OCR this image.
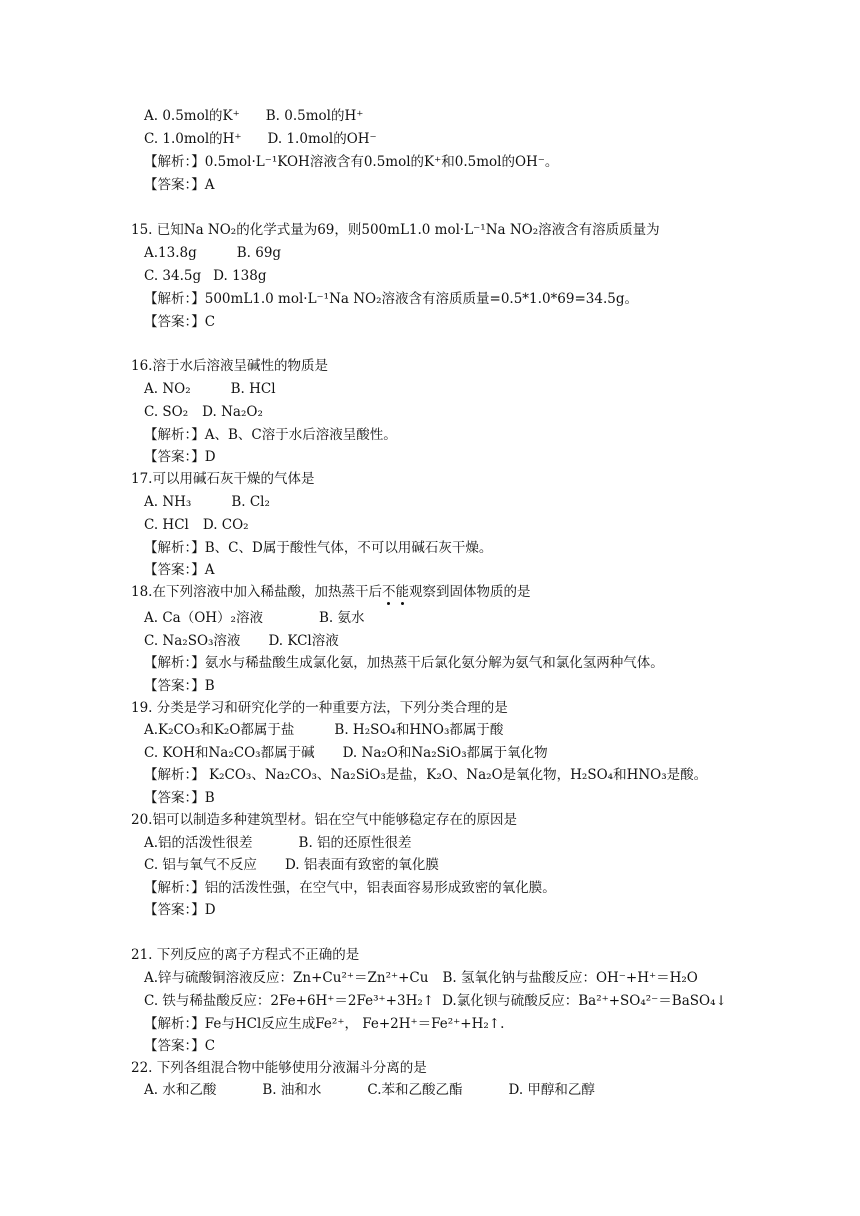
A. 0.5mol的K⁺ B. 0.5mol的H⁺
C. 1.0mol的H⁺ D. 1.0mol的OH⁻
【解析：】0.5mol·L⁻¹KOH溶液含有0.5mol的K⁺和0.5mol的OH⁻。
【答案：】A
15. 已知Na NO₂的化学式量为69，则500mL1.0 mol·L⁻¹Na NO₂溶液含有溶质质量为
A.13.8g	B. 69g
C. 34.5g D. 138g
【解析：】500mL1.0 mol·L⁻¹Na NO₂溶液含有溶质质量=0.5*1.0*69=34.5g。
【答案：】C
16.溶于水后溶液呈碱性的物质是
A. NO₂	B. HCl
C. SO₂ D. Na₂O₂
【解析：】A、B、C溶于水后溶液呈酸性。
【答案：】D
17.可以用碱石灰干燥的气体是
A. NH₃	B. Cl₂
C. HCl D. CO₂
【解析：】B、C、D属于酸性气体，不可以用碱石灰干燥。
【答案：】A
18.在下列溶液中加入稀盐酸，加热蒸干后不能观察到固体物质的是
A. Ca（OH）₂溶液	B. 氨水
C. Na₂SO₃溶液 D. KCl溶液
【解析：】氨水与稀盐酸生成氯化氨，加热蒸干后氯化氨分解为氨气和氯化氢两种气体。
【答案：】B
19. 分类是学习和研究化学的一种重要方法，下列分类合理的是
A.K₂CO₃和K₂O都属于盐	B. H₂SO₄和HNO₃都属于酸
C. KOH和Na₂CO₃都属于碱 D. Na₂O和Na₂SiO₃都属于氧化物
【解析：】 K₂CO₃、Na₂CO₃、Na₂SiO₃是盐，K₂O、Na₂O是氧化物，H₂SO₄和HNO₃是酸。
【答案：】B
20.铝可以制造多种建筑型材。铝在空气中能够稳定存在的原因是
A.铝的活泼性很差	B. 铝的还原性很差
C. 铝与氧气不反应 D. 铝表面有致密的氧化膜
【解析：】铝的活泼性强，在空气中，铝表面容易形成致密的氧化膜。
【答案：】D
21. 下列反应的离子方程式不正确的是
A.锌与硫酸铜溶液反应：Zn+Cu²⁺＝Zn²⁺+Cu B. 氢氧化钠与盐酸反应：OH⁻+H⁺＝H₂O
C. 铁与稀盐酸反应：2Fe+6H⁺＝2Fe³⁺+3H₂↑ D.氯化钡与硫酸反应：Ba²⁺+SO₄²⁻＝BaSO₄↓
【解析：】Fe与HCl反应生成Fe²⁺， Fe+2H⁺＝Fe²⁺+H₂↑.
【答案：】C
22. 下列各组混合物中能够使用分液漏斗分离的是
A. 水和乙酸	B. 油和水	C.苯和乙酸乙酯	D. 甲醇和乙醇
